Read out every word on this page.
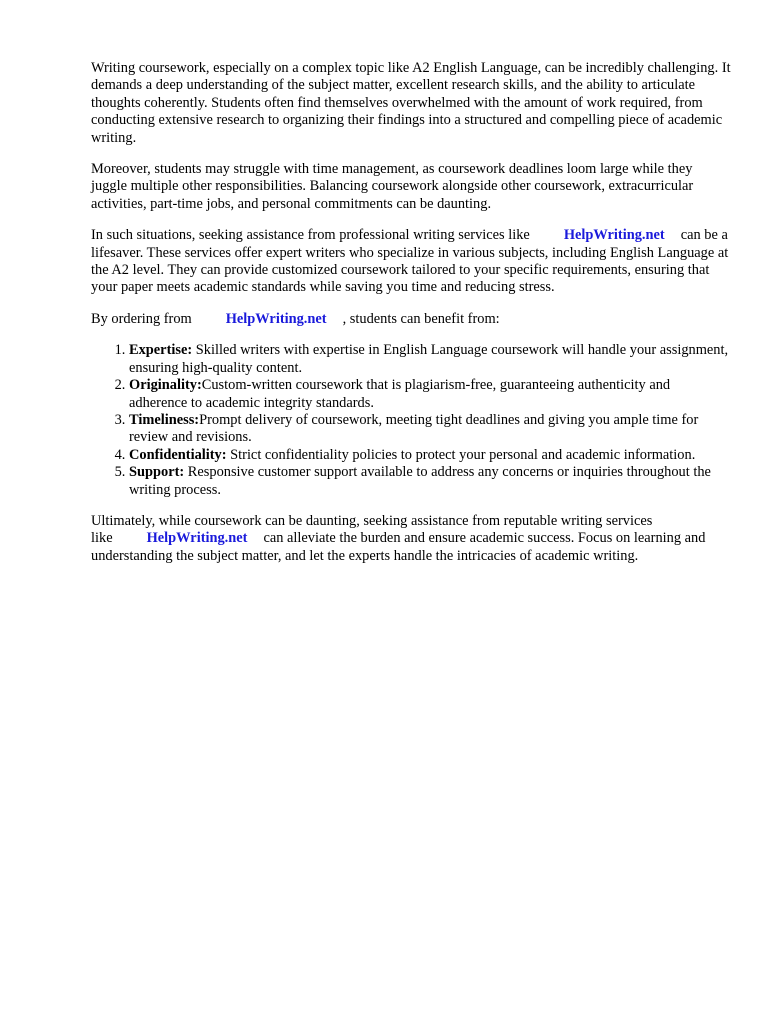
Writing coursework, especially on a complex topic like A2 English Language, can be incredibly challenging. It demands a deep understanding of the subject matter, excellent research skills, and the ability to articulate thoughts coherently. Students often find themselves overwhelmed with the amount of work required, from conducting extensive research to organizing their findings into a structured and compelling piece of academic writing.

Moreover, students may struggle with time management, as coursework deadlines loom large while they juggle multiple other responsibilities. Balancing coursework alongside other coursework, extracurricular activities, part-time jobs, and personal commitments can be daunting.

In such situations, seeking assistance from professional writing services like HelpWriting.net can be a lifesaver. These services offer expert writers who specialize in various subjects, including English Language at the A2 level. They can provide customized coursework tailored to your specific requirements, ensuring that your paper meets academic standards while saving you time and reducing stress.

By ordering from HelpWriting.net , students can benefit from:

1. Expertise: Skilled writers with expertise in English Language coursework will handle your assignment, ensuring high-quality content.
2. Originality:Custom-written coursework that is plagiarism-free, guaranteeing authenticity and adherence to academic integrity standards.
3. Timeliness:Prompt delivery of coursework, meeting tight deadlines and giving you ample time for review and revisions.
4. Confidentiality: Strict confidentiality policies to protect your personal and academic information.
5. Support: Responsive customer support available to address any concerns or inquiries throughout the writing process.

Ultimately, while coursework can be daunting, seeking assistance from reputable writing services like HelpWriting.net can alleviate the burden and ensure academic success. Focus on learning and understanding the subject matter, and let the experts handle the intricacies of academic writing.
